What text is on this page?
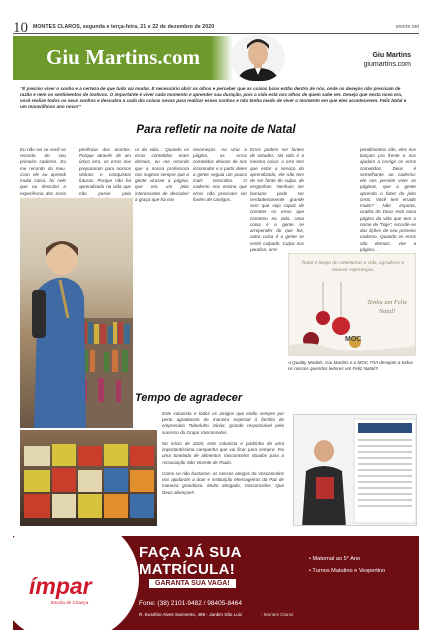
10 MONTES CLAROS, segunda e terça-feira, 21 e 22 de dezembro de 2020	onorte.net
Giu Martins.com	Giu Martins
giumartins.com

“É preciso viver o sonho e a certeza de que tudo vai mudar. É necessário abrir os olhos e perceber que as coisas boas estão dentro de nós, onde os desejos não precisam de razão e nem os sentimentos de motivos. O importante é viver cada momento e aprender sua duração, pois a vida está nos olhos de quem sabe ver. Desejo que nesta nova era, você realize todos os seus sonhos e descubra a cada dia coisas novas para realizar esses sonhos e não tenha medo de viver o momento em que eles acontecerem. Feliz Natal e um maravilhoso ano novo!”

Para refletir na noite de Natal
Eu não sei se você se recorda do seu primeiro caderno. Eu me recordo do meu. Com ele eu aprendi muita coisa, foi nele que eu descobri a experiência dos erros
periência dos acertos. Porque através de um único erro, os erros nos prepararam para nossos vitórias e conquistas futuras. Porque não há aprendizado na vida que não passe pela
ra da vida… Quando os erros cometidos eram demais, eu me recordo que a nossa professora nos sugeria sempre que a gente virasse a página, que era um jeito interessante de descobrir a graça que há nos
recomeços. Ao virar a página, os erros cometidos deixam de nos incomodar e a partir deles a gente seguia um pouco mais crescidos. O caderno nos ensina que erros não precisam ser fontes de castigos.
Erros podem ser fontes de virtudes. Na vida é a mesma coisa: o erro tem que estar a serviço do aprendizado, ele não tem de ser fonte de culpa, de vergonhas. Nenhum ser humano pode ser verdadeiramente grande sem que seja capaz de cometer os erros que cometeu na vida. Uma coisa é a gente se arrepender do que fez, outra coisa é a gente se sentir culpado. Culpa nos paralisa, arre-
pendimentos não, eles nos lançam pra frente e nos ajudam a corrigir os erros cometidos. Deus é semelhante ao caderno: ele nos permite viver as páginas, que a gente aprenda o fazer do jeito certo. Você tem errado muito? Não importa, ocaiba de Deus está nova página da vida que tem o nome de “hoje”, recorde-se das lições de seu primeiro caderno. Quando os erros são demais, vire a página…
Natal é tempo de comemorar a vida, agradecer e renovar esperanças.
Tenha um Feliz Natal!
MOC

A Quality Models, Giu Martins e o MOC TIVI desejam a todos os nossos queridos leitores um Feliz Natal!!!

Tempo de agradecer

Este colunista e todos os amigos que estão sempre por perto agradecem de maneira especial à família do empresário Tuberluho Júnior, grande responsável pelo sucesso do Grupo Vasconcelos.

No início de 2020, este colunista e padrinha de uma importantíssima campanha que vai ficar para sempre. Foi uma tonelada de alimentos Vasconcelos doados para a Associação São Vicente de Paulo.

Como se não bastasse, os nossos amigos da Vasconcelos nos ajudaram a doar e instituição Mensageiros da Paz de maneira grandiosa. Muito obrigado, Vasconcelos. Que Deus abençoe!!

ímpar
Escola de Criança
FAÇA JÁ SUA
MATRÍCULA!
GARANTA SUA VAGA!
• Maternal ao 5° Ano
• Turnos Matutino e Vespertino
Fone: (38) 2101-9482 / 98405-8464
R. Eusébio Alves Sarmento, 488 - Jardim São Luiz	- Montes Claros
